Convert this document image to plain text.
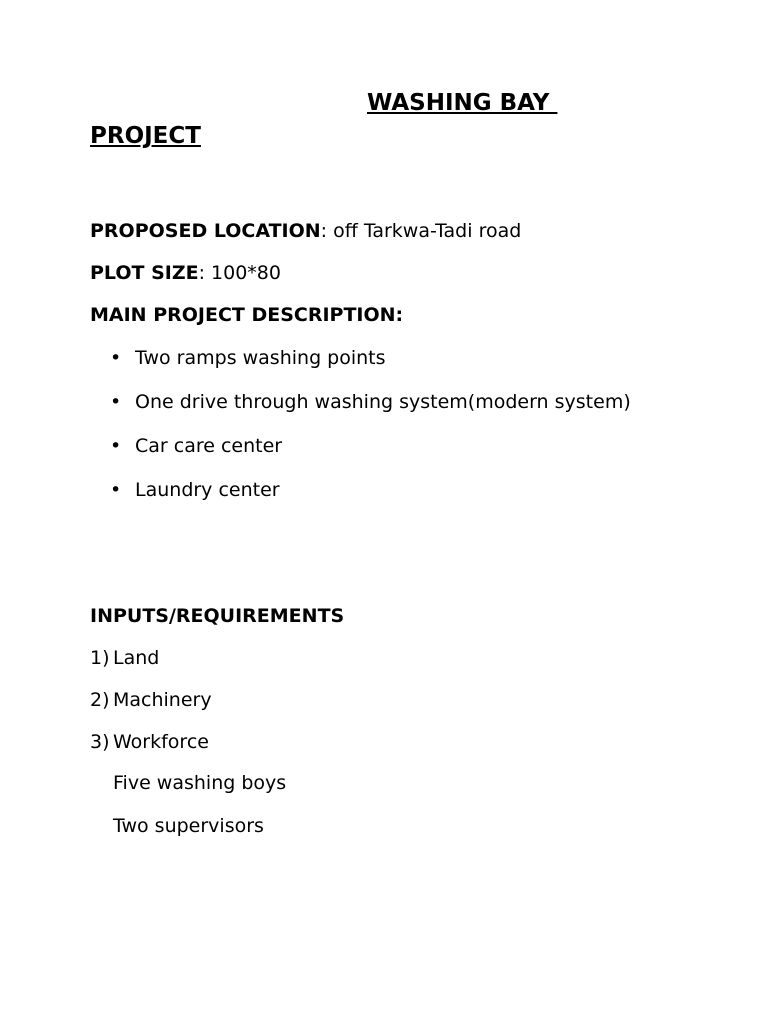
WASHING BAY
PROJECT
PROPOSED LOCATION: off Tarkwa-Tadi road
PLOT SIZE: 100*80
MAIN PROJECT DESCRIPTION:
• Two ramps washing points
• One drive through washing system(modern system)
• Car care center
• Laundry center
INPUTS/REQUIREMENTS
1) Land
2) Machinery
3) Workforce
Five washing boys
Two supervisors
